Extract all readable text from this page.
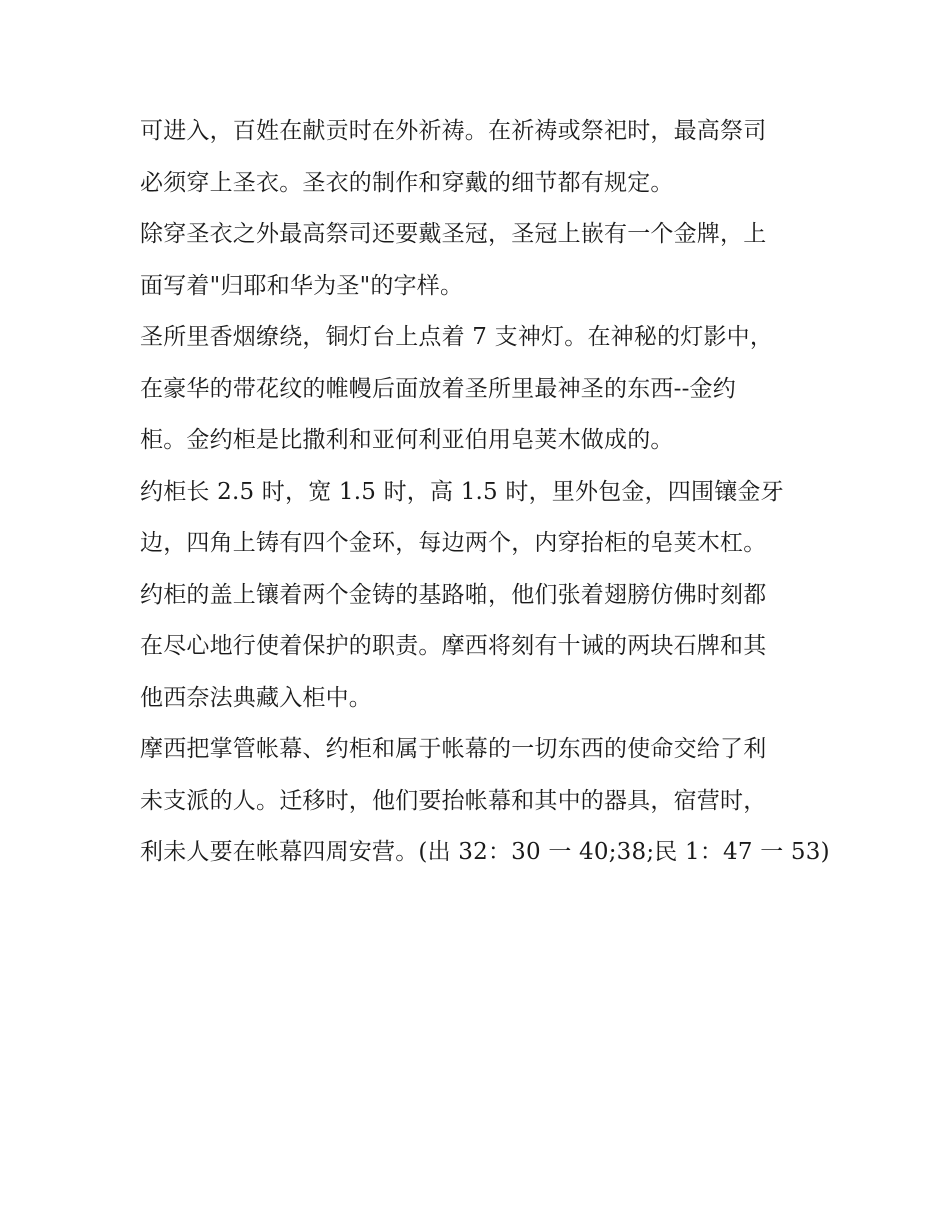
可进入，百姓在献贡时在外祈祷。在祈祷或祭祀时，最高祭司
必须穿上圣衣。圣衣的制作和穿戴的细节都有规定。
除穿圣衣之外最高祭司还要戴圣冠，圣冠上嵌有一个金牌，上
面写着"归耶和华为圣"的字样。
圣所里香烟缭绕，铜灯台上点着 7 支神灯。在神秘的灯影中，
在豪华的带花纹的帷幔后面放着圣所里最神圣的东西--金约
柜。金约柜是比撒利和亚何利亚伯用皂荚木做成的。
约柜长 2.5 时，宽 1.5 时，高 1.5 时，里外包金，四围镶金牙
边，四角上铸有四个金环，每边两个，内穿抬柜的皂荚木杠。
约柜的盖上镶着两个金铸的基路啪，他们张着翅膀仿佛时刻都
在尽心地行使着保护的职责。摩西将刻有十诫的两块石牌和其
他西奈法典藏入柜中。
摩西把掌管帐幕、约柜和属于帐幕的一切东西的使命交给了利
未支派的人。迁移时，他们要抬帐幕和其中的器具，宿营时，
利未人要在帐幕四周安营。(出 32：30 一 40;38;民 1：47 一 53)
